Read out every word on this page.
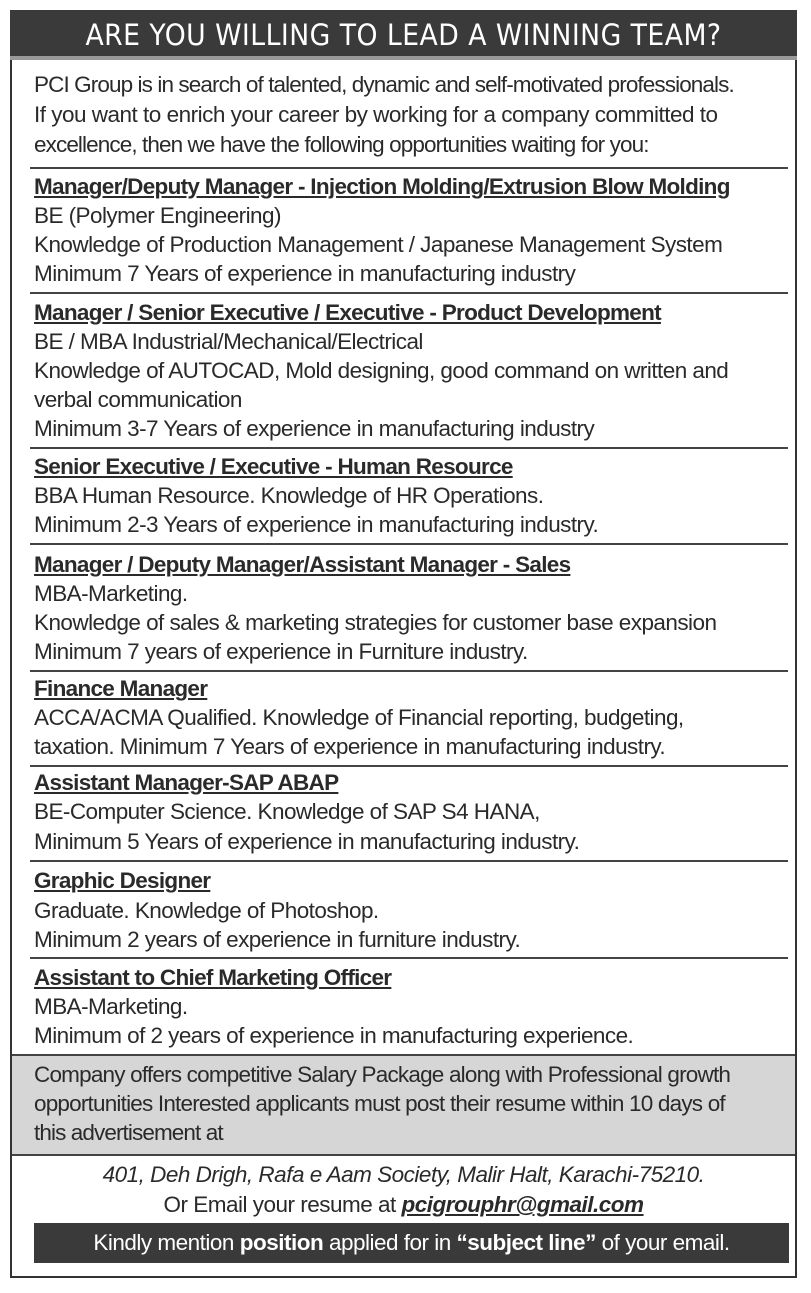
ARE YOU WILLING TO LEAD A WINNING TEAM?
PCI Group is in search of talented, dynamic and self-motivated professionals.
If you want to enrich your career by working for a company committed to
excellence, then we have the following opportunities waiting for you:
Manager/Deputy Manager - Injection Molding/Extrusion Blow Molding
BE (Polymer Engineering)
Knowledge of Production Management / Japanese Management System
Minimum 7 Years of experience in manufacturing industry
Manager / Senior Executive / Executive - Product Development
BE / MBA Industrial/Mechanical/Electrical
Knowledge of AUTOCAD, Mold designing, good command on written and
verbal communication
Minimum 3-7 Years of experience in manufacturing industry
Senior Executive / Executive - Human Resource
BBA Human Resource. Knowledge of HR Operations.
Minimum 2-3 Years of experience in manufacturing industry.
Manager / Deputy Manager/Assistant Manager - Sales
MBA-Marketing.
Knowledge of sales & marketing strategies for customer base expansion
Minimum 7 years of experience in Furniture industry.
Finance Manager
ACCA/ACMA Qualified. Knowledge of Financial reporting, budgeting,
taxation. Minimum 7 Years of experience in manufacturing industry.
Assistant Manager-SAP ABAP
BE-Computer Science. Knowledge of SAP S4 HANA,
Minimum 5 Years of experience in manufacturing industry.
Graphic Designer
Graduate. Knowledge of Photoshop.
Minimum 2 years of experience in furniture industry.
Assistant to Chief Marketing Officer
MBA-Marketing.
Minimum of 2 years of experience in manufacturing experience.
Company offers competitive Salary Package along with Professional growth
opportunities Interested applicants must post their resume within 10 days of
this advertisement at
401, Deh Drigh, Rafa e Aam Society, Malir Halt, Karachi-75210.
Or Email your resume at pcigrouphr@gmail.com
Kindly mention position applied for in “subject line” of your email.
